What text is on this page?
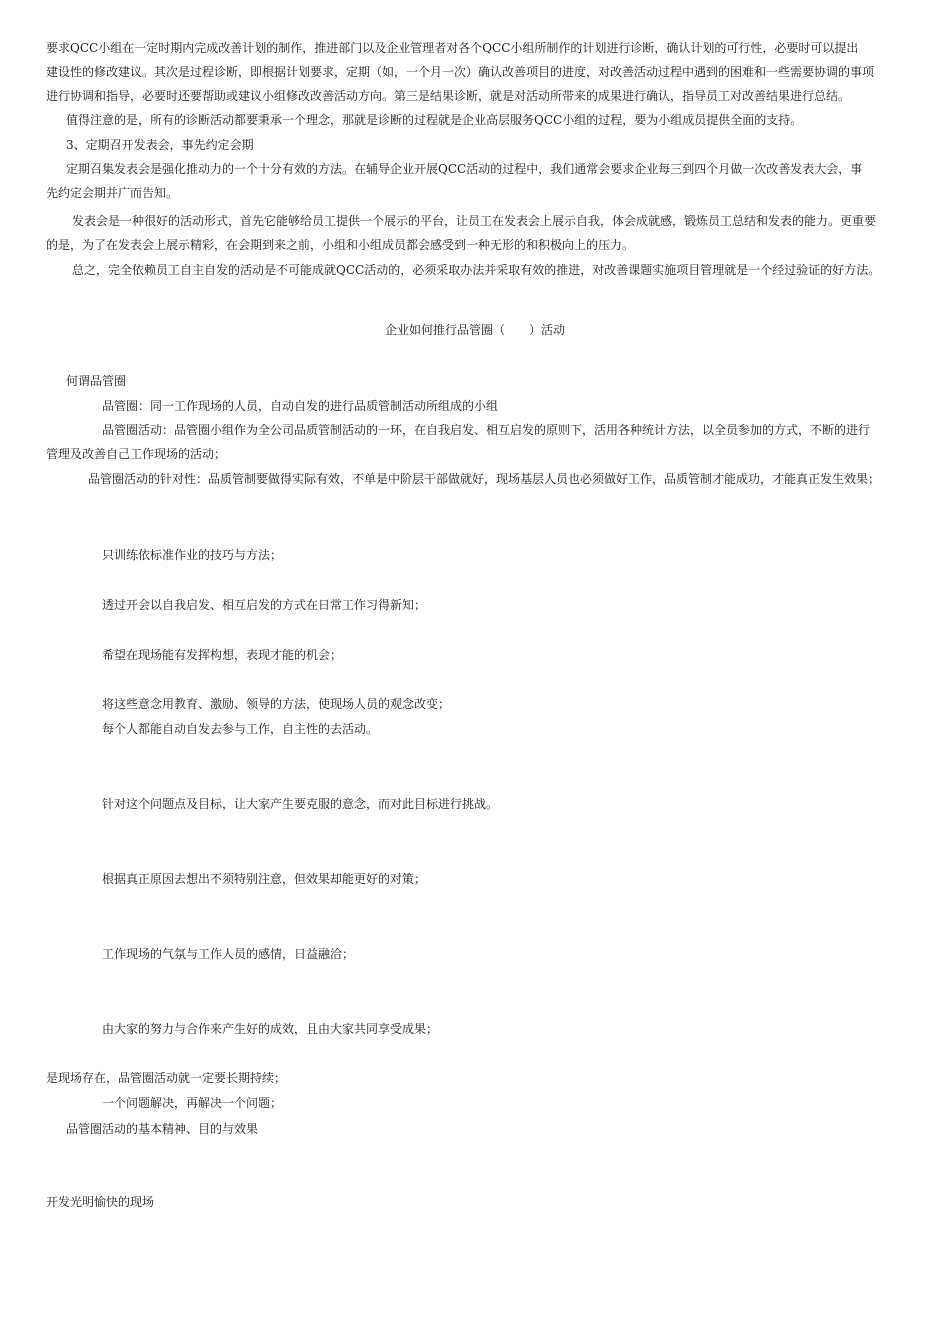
要求QCC小组在一定时期内完成改善计划的制作，推进部门以及企业管理者对各个QCC小组所制作的计划进行诊断，确认计划的可行性，必要时可以提出
建设性的修改建议。其次是过程诊断，即根据计划要求，定期（如，一个月一次）确认改善项目的进度，对改善活动过程中遇到的困难和一些需要协调的事项
进行协调和指导，必要时还要帮助或建议小组修改改善活动方向。第三是结果诊断，就是对活动所带来的成果进行确认，指导员工对改善结果进行总结。
值得注意的是，所有的诊断活动都要秉承一个理念，那就是诊断的过程就是企业高层服务QCC小组的过程，要为小组成员提供全面的支持。
3、定期召开发表会，事先约定会期
定期召集发表会是强化推动力的一个十分有效的方法。在辅导企业开展QCC活动的过程中，我们通常会要求企业每三到四个月做一次改善发表大会，事
先约定会期并广而告知。
发表会是一种很好的活动形式，首先它能够给员工提供一个展示的平台，让员工在发表会上展示自我，体会成就感，锻炼员工总结和发表的能力。更重要
的是，为了在发表会上展示精彩，在会期到来之前，小组和小组成员都会感受到一种无形的和积极向上的压力。
总之，完全依赖员工自主自发的活动是不可能成就QCC活动的，必须采取办法并采取有效的推进，对改善课题实施项目管理就是一个经过验证的好方法。
企业如何推行品管圈（　　）活动
何谓品管圈
品管圈：同一工作现场的人员，自动自发的进行品质管制活动所组成的小组
品管圈活动：品管圈小组作为全公司品质管制活动的一环，在自我启发、相互启发的原则下，活用各种统计方法，以全员参加的方式，不断的进行
管理及改善自己工作现场的活动；
品管圈活动的针对性：品质管制要做得实际有效，不单是中阶层干部做就好，现场基层人员也必须做好工作，品质管制才能成功，才能真正发生效果；
只训练依标准作业的技巧与方法；
透过开会以自我启发、相互启发的方式在日常工作习得新知；
希望在现场能有发挥构想，表现才能的机会；
将这些意念用教育、激励、领导的方法，使现场人员的观念改变；
每个人都能自动自发去参与工作，自主性的去活动。
针对这个问题点及目标，让大家产生要克服的意念，而对此目标进行挑战。
根据真正原因去想出不须特别注意，但效果却能更好的对策；
工作现场的气氛与工作人员的感情，日益融洽；
由大家的努力与合作来产生好的成效，且由大家共同享受成果；
是现场存在，品管圈活动就一定要长期持续；
一个问题解决，再解决一个问题；
品管圈活动的基本精神、目的与效果
开发光明愉快的现场
